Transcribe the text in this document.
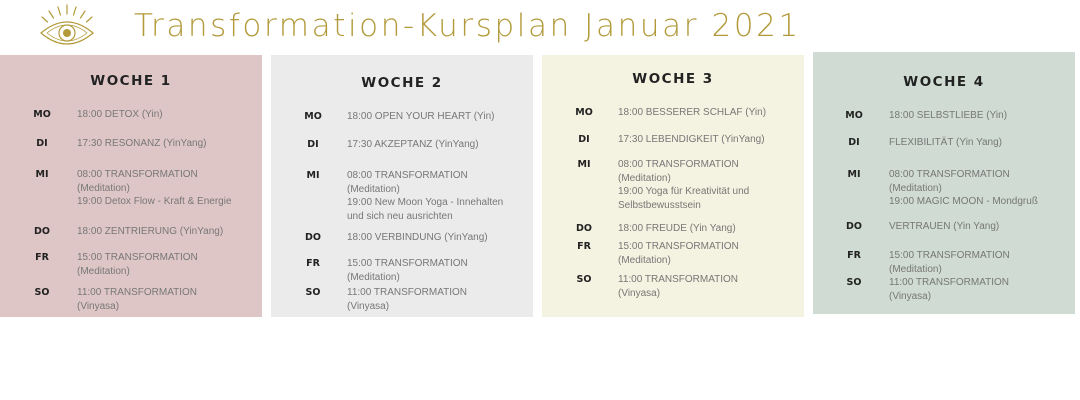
Transformation-Kursplan Januar 2021
WOCHE 1
MO	18:00 DETOX (Yin)
DI	17:30 RESONANZ (YinYang)
MI	08:00 TRANSFORMATION
(Meditation)
19:00 Detox Flow - Kraft & Energie
DO	18:00 ZENTRIERUNG (YinYang)
FR	15:00 TRANSFORMATION
(Meditation)
SO	11:00 TRANSFORMATION
(Vinyasa)
WOCHE 2
MO	18:00 OPEN YOUR HEART (Yin)
DI	17:30 AKZEPTANZ (YinYang)
MI	08:00 TRANSFORMATION
(Meditation)
19:00 New Moon Yoga - Innehalten
und sich neu ausrichten
DO	18:00 VERBINDUNG (YinYang)
FR	15:00 TRANSFORMATION
(Meditation)
SO	11:00 TRANSFORMATION
(Vinyasa)
WOCHE 3
MO	18:00 BESSERER SCHLAF (Yin)
DI	17:30 LEBENDIGKEIT (YinYang)
MI	08:00 TRANSFORMATION
(Meditation)
19:00 Yoga für Kreativität und
Selbstbewusstsein
DO	18:00 FREUDE (Yin Yang)
FR	15:00 TRANSFORMATION
(Meditation)
SO	11:00 TRANSFORMATION
(Vinyasa)
WOCHE 4
MO	18:00 SELBSTLIEBE (Yin)
DI	FLEXIBILITÄT (Yin Yang)
MI	08:00 TRANSFORMATION
(Meditation)
19:00 MAGIC MOON - Mondgruß
DO	VERTRAUEN (Yin Yang)
FR	15:00 TRANSFORMATION
(Meditation)
SO	11:00 TRANSFORMATION
(Vinyasa)
